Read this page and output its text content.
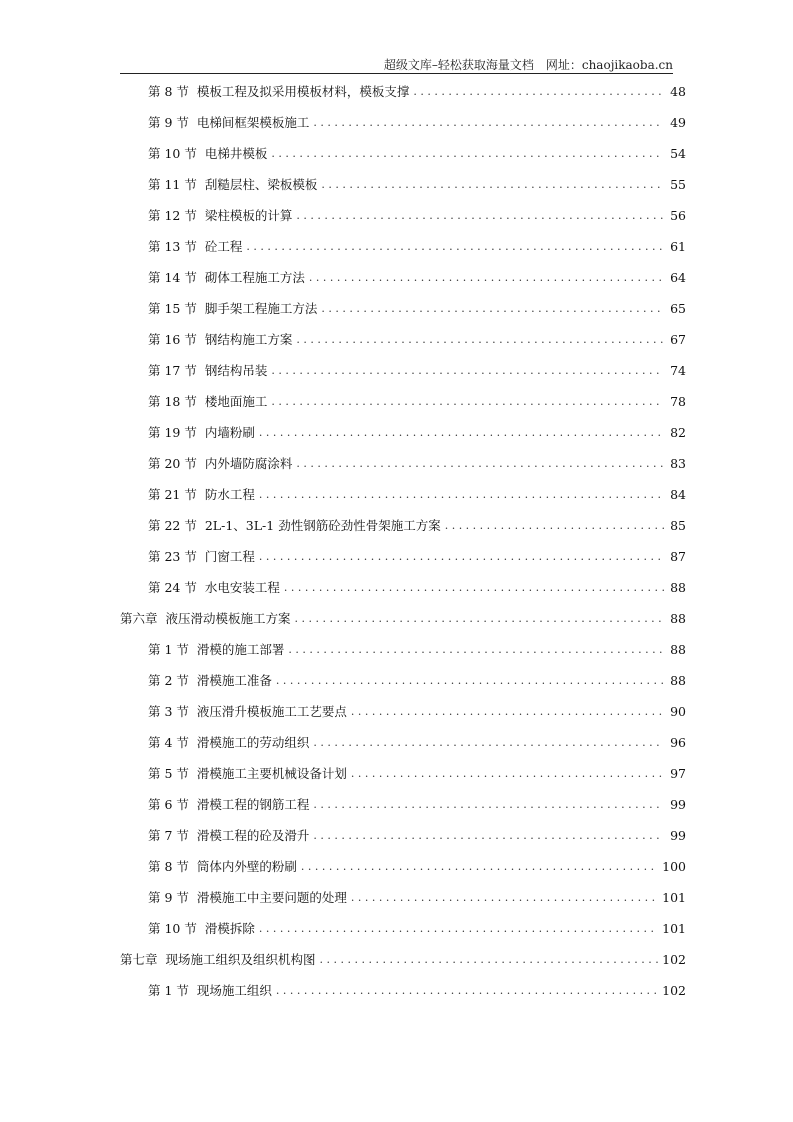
超级文库–轻松获取海量文档 网址：chaojikaoba.cn
第 8 节 模板工程及拟采用模板材料，模板支撑 . . .	48
第 9 节 电梯间框架模板施工 . . .	49
第 10 节 电梯井模板 . . .	54
第 11 节 刮糙层柱、梁板模板 . . .	55
第 12 节 梁柱模板的计算 . . .	56
第 13 节 砼工程 . . .	61
第 14 节 砌体工程施工方法 . . .	64
第 15 节 脚手架工程施工方法 . . .	65
第 16 节 钢结构施工方案 . . .	67
第 17 节 钢结构吊装 . . .	74
第 18 节 楼地面施工 . . .	78
第 19 节 内墙粉刷 . . .	82
第 20 节 内外墙防腐涂料 . . .	83
第 21 节 防水工程 . . .	84
第 22 节 2L-1、3L-1 劲性钢筋砼劲性骨架施工方案 . . .	85
第 23 节 门窗工程 . . .	87
第 24 节 水电安装工程 . . .	88
第六章 液压滑动模板施工方案 . . .	88
第 1 节 滑模的施工部署 . . .	88
第 2 节 滑模施工准备 . . .	88
第 3 节 液压滑升模板施工工艺要点 . . .	90
第 4 节 滑模施工的劳动组织 . . .	96
第 5 节 滑模施工主要机械设备计划 . . .	97
第 6 节 滑模工程的钢筋工程 . . .	99
第 7 节 滑模工程的砼及滑升 . . .	99
第 8 节 筒体内外壁的粉刷 . . .	100
第 9 节 滑模施工中主要问题的处理 . . .	101
第 10 节 滑模拆除 . . .	101
第七章 现场施工组织及组织机构图 . . .	102
第 1 节 现场施工组织 . . .	102
